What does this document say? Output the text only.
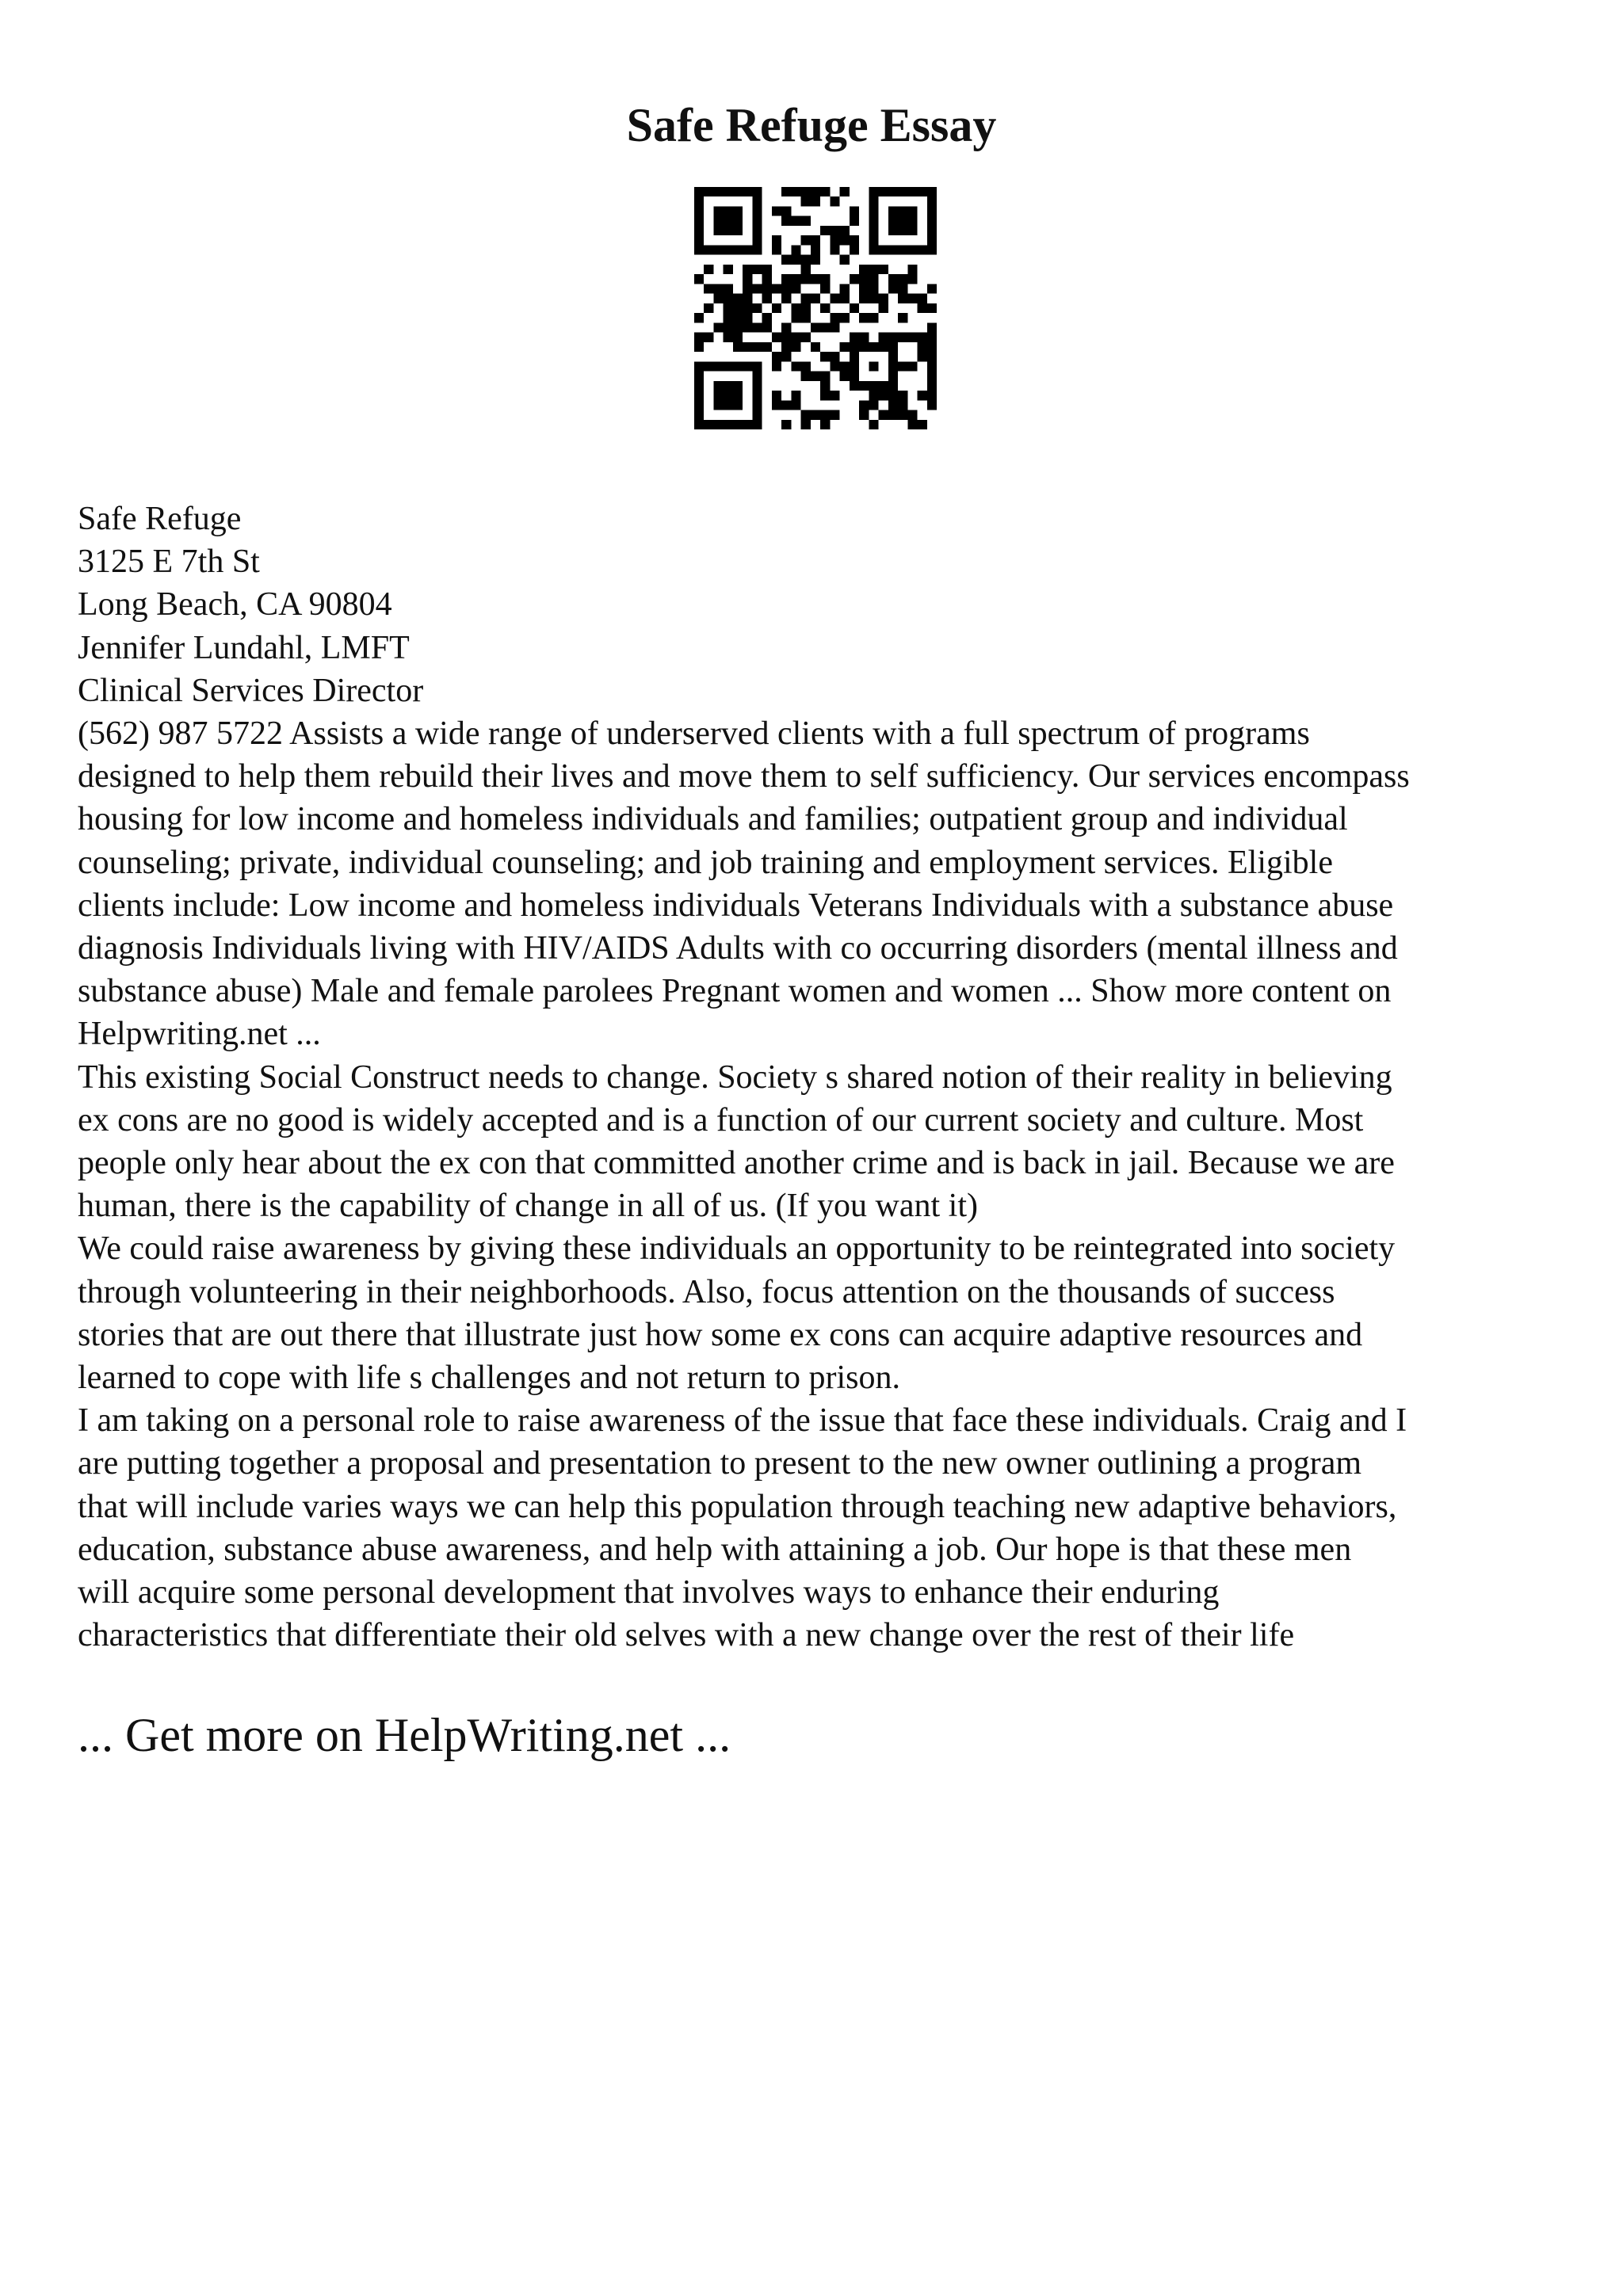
Safe Refuge Essay
Safe Refuge
3125 E 7th St
Long Beach, CA 90804
Jennifer Lundahl, LMFT
Clinical Services Director
(562) 987 5722 Assists a wide range of underserved clients with a full spectrum of programs
designed to help them rebuild their lives and move them to self sufficiency. Our services encompass
housing for low income and homeless individuals and families; outpatient group and individual
counseling; private, individual counseling; and job training and employment services. Eligible
clients include: Low income and homeless individuals Veterans Individuals with a substance abuse
diagnosis Individuals living with HIV/AIDS Adults with co occurring disorders (mental illness and
substance abuse) Male and female parolees Pregnant women and women ... Show more content on
Helpwriting.net ...
This existing Social Construct needs to change. Society s shared notion of their reality in believing
ex cons are no good is widely accepted and is a function of our current society and culture. Most
people only hear about the ex con that committed another crime and is back in jail. Because we are
human, there is the capability of change in all of us. (If you want it)
We could raise awareness by giving these individuals an opportunity to be reintegrated into society
through volunteering in their neighborhoods. Also, focus attention on the thousands of success
stories that are out there that illustrate just how some ex cons can acquire adaptive resources and
learned to cope with life s challenges and not return to prison.
I am taking on a personal role to raise awareness of the issue that face these individuals. Craig and I
are putting together a proposal and presentation to present to the new owner outlining a program
that will include varies ways we can help this population through teaching new adaptive behaviors,
education, substance abuse awareness, and help with attaining a job. Our hope is that these men
will acquire some personal development that involves ways to enhance their enduring
characteristics that differentiate their old selves with a new change over the rest of their life
... Get more on HelpWriting.net ...
